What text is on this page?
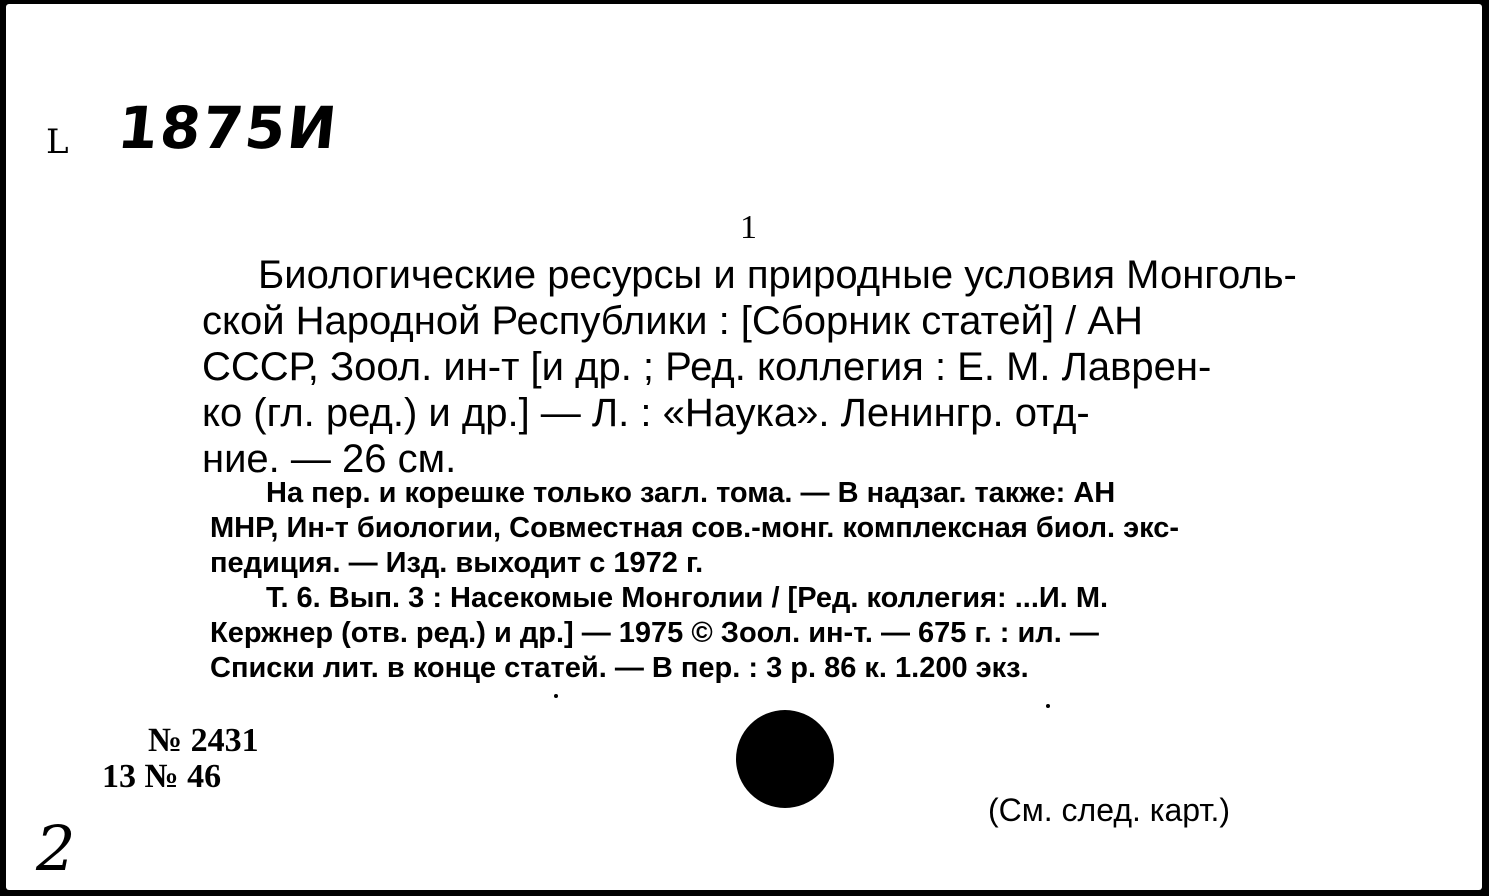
1875И
L
1
Биологические ресурсы и природные условия Монголь-
ской Народной Республики : [Сборник статей] / АН
СССР, Зоол. ин-т [и др. ; Ред. коллегия : Е. М. Лаврен-
ко (гл. ред.) и др.] — Л. : «Наука». Ленингр. отд-
ние. — 26 см.
На пер. и корешке только загл. тома. — В надзаг. также: АН
МНР, Ин-т биологии, Совместная сов.-монг. комплексная биол. экс-
педиция. — Изд. выходит с 1972 г.
Т. 6. Вып. 3 : Насекомые Монголии / [Ред. коллегия: ...И. М.
Кержнер (отв. ред.) и др.] — 1975 © Зоол. ин-т. — 675 г. : ил. —
Списки лит. в конце статей. — В пер. : 3 р. 86 к. 1.200 экз.
№ 2431
13 № 46
(См. след. карт.)
2
